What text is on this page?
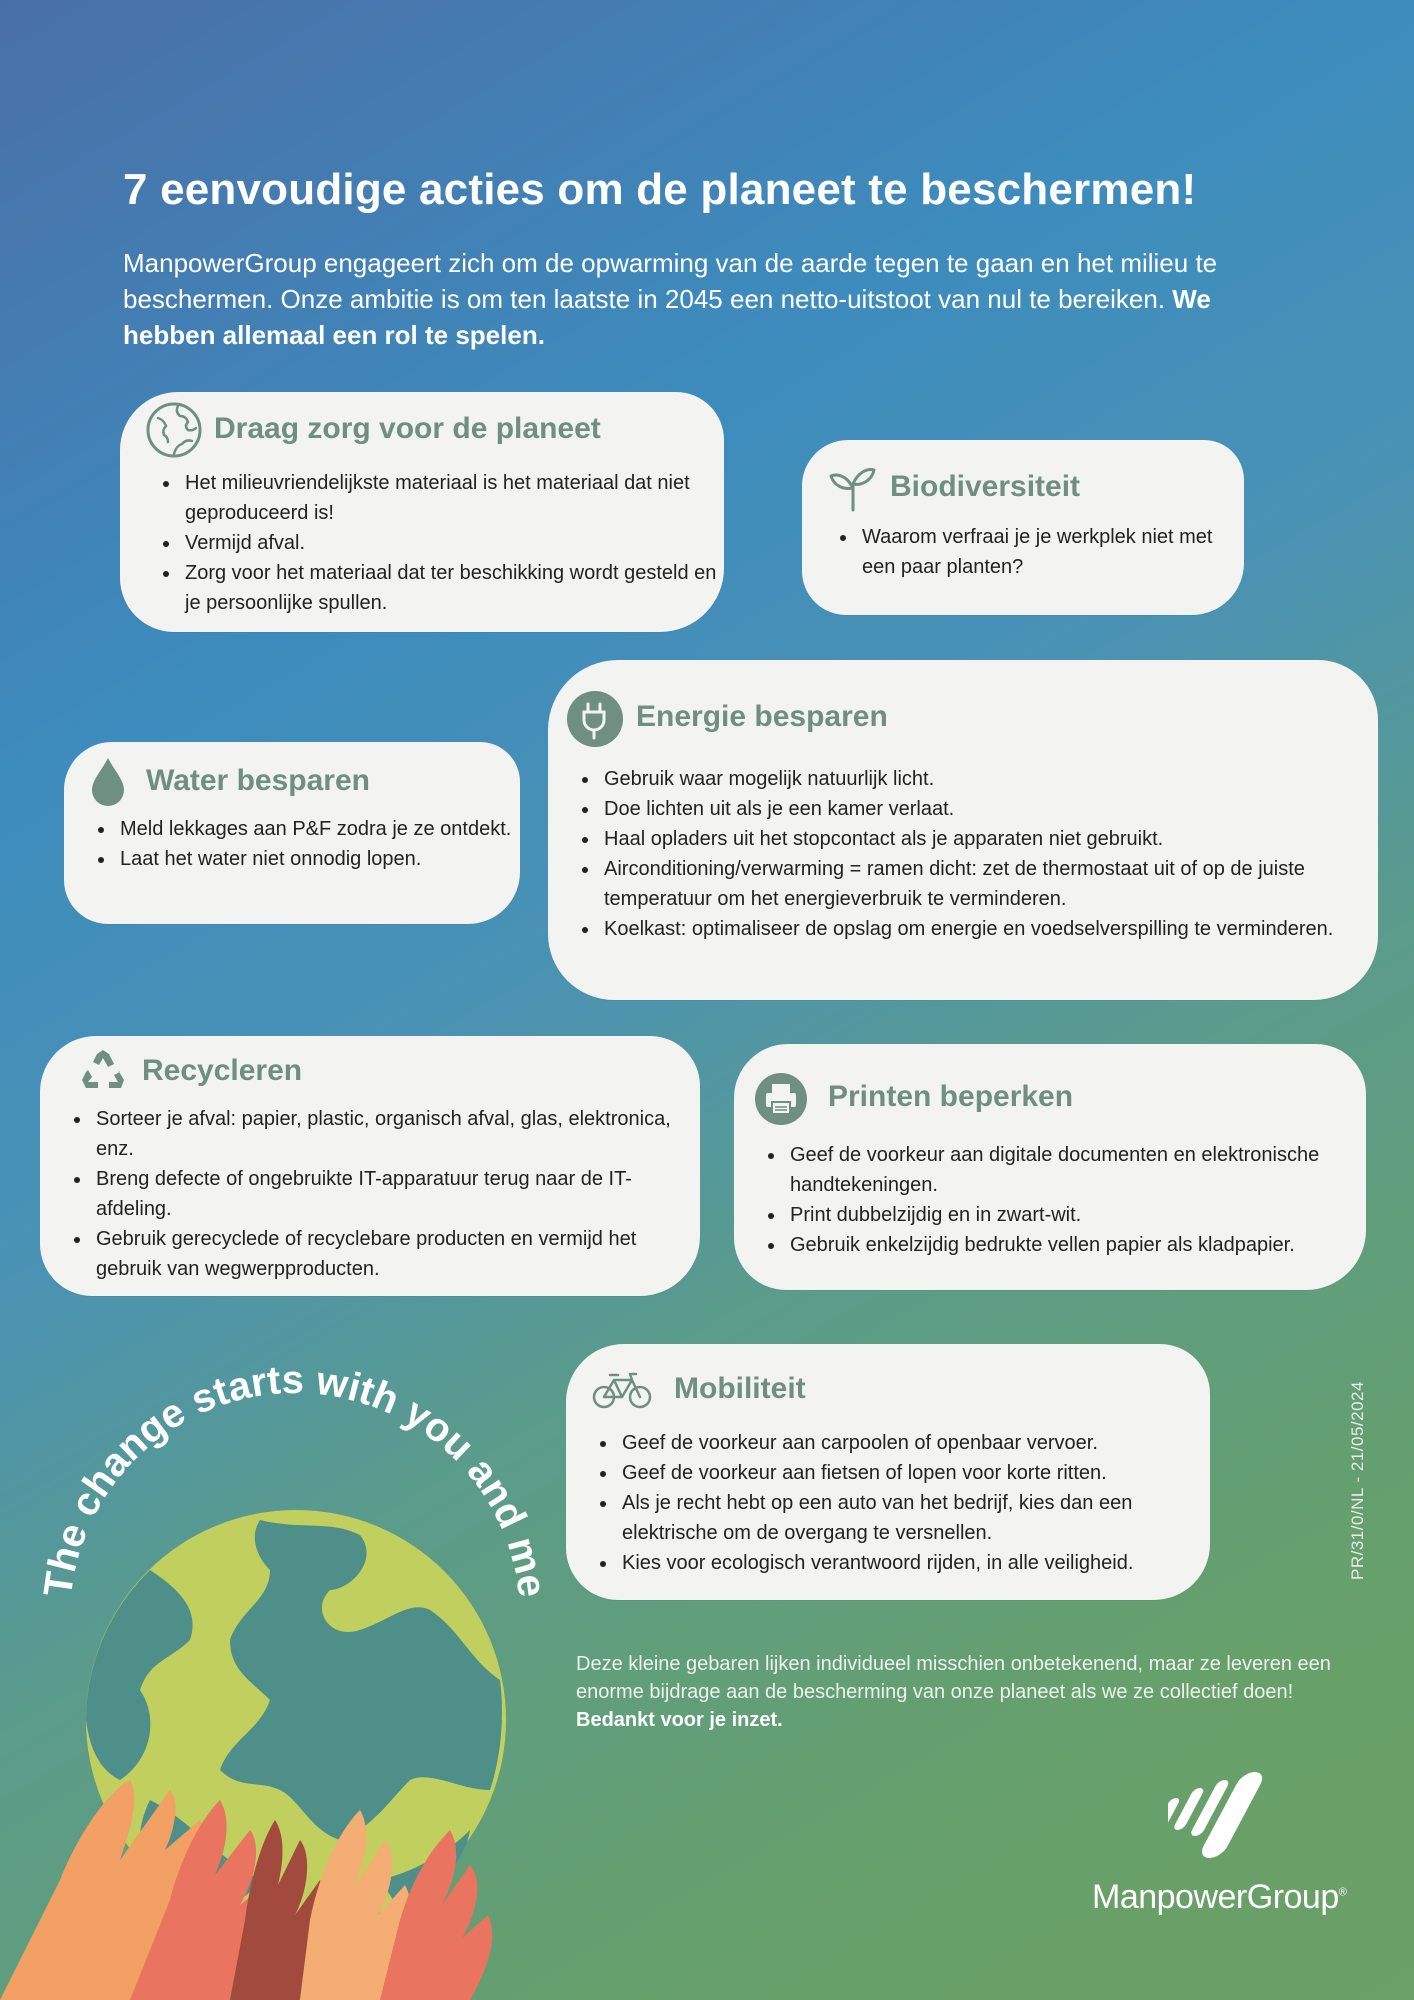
7 eenvoudige acties om de planeet te beschermen!

ManpowerGroup engageert zich om de opwarming van de aarde tegen te gaan en het milieu te beschermen. Onze ambitie is om ten laatste in 2045 een netto-uitstoot van nul te bereiken. We hebben allemaal een rol te spelen.

Draag zorg voor de planeet
• Het milieuvriendelijkste materiaal is het materiaal dat niet geproduceerd is!
• Vermijd afval.
• Zorg voor het materiaal dat ter beschikking wordt gesteld en je persoonlijke spullen.
Biodiversiteit
• Waarom verfraai je je werkplek niet met een paar planten?
Energie besparen
• Gebruik waar mogelijk natuurlijk licht.
• Doe lichten uit als je een kamer verlaat.
• Haal opladers uit het stopcontact als je apparaten niet gebruikt.
• Airconditioning/verwarming = ramen dicht: zet de thermostaat uit of op de juiste temperatuur om het energieverbruik te verminderen.
• Koelkast: optimaliseer de opslag om energie en voedselverspilling te verminderen.
Water besparen
• Meld lekkages aan P&F zodra je ze ontdekt.
• Laat het water niet onnodig lopen.
Recycleren
• Sorteer je afval: papier, plastic, organisch afval, glas, elektronica, enz.
• Breng defecte of ongebruikte IT-apparatuur terug naar de IT-afdeling.
• Gebruik gerecyclede of recyclebare producten en vermijd het gebruik van wegwerpproducten.
Printen beperken
• Geef de voorkeur aan digitale documenten en elektronische handtekeningen.
• Print dubbelzijdig en in zwart-wit.
• Gebruik enkelzijdig bedrukte vellen papier als kladpapier.
Mobiliteit
• Geef de voorkeur aan carpoolen of openbaar vervoer.
• Geef de voorkeur aan fietsen of lopen voor korte ritten.
• Als je recht hebt op een auto van het bedrijf, kies dan een elektrische om de overgang te versnellen.
• Kies voor ecologisch verantwoord rijden, in alle veiligheid.
The change starts with you and me
PR/31/0/NL - 21/05/2024

Deze kleine gebaren lijken individueel misschien onbetekenend, maar ze leveren een enorme bijdrage aan de bescherming van onze planeet als we ze collectief doen! Bedankt voor je inzet.

ManpowerGroup®
